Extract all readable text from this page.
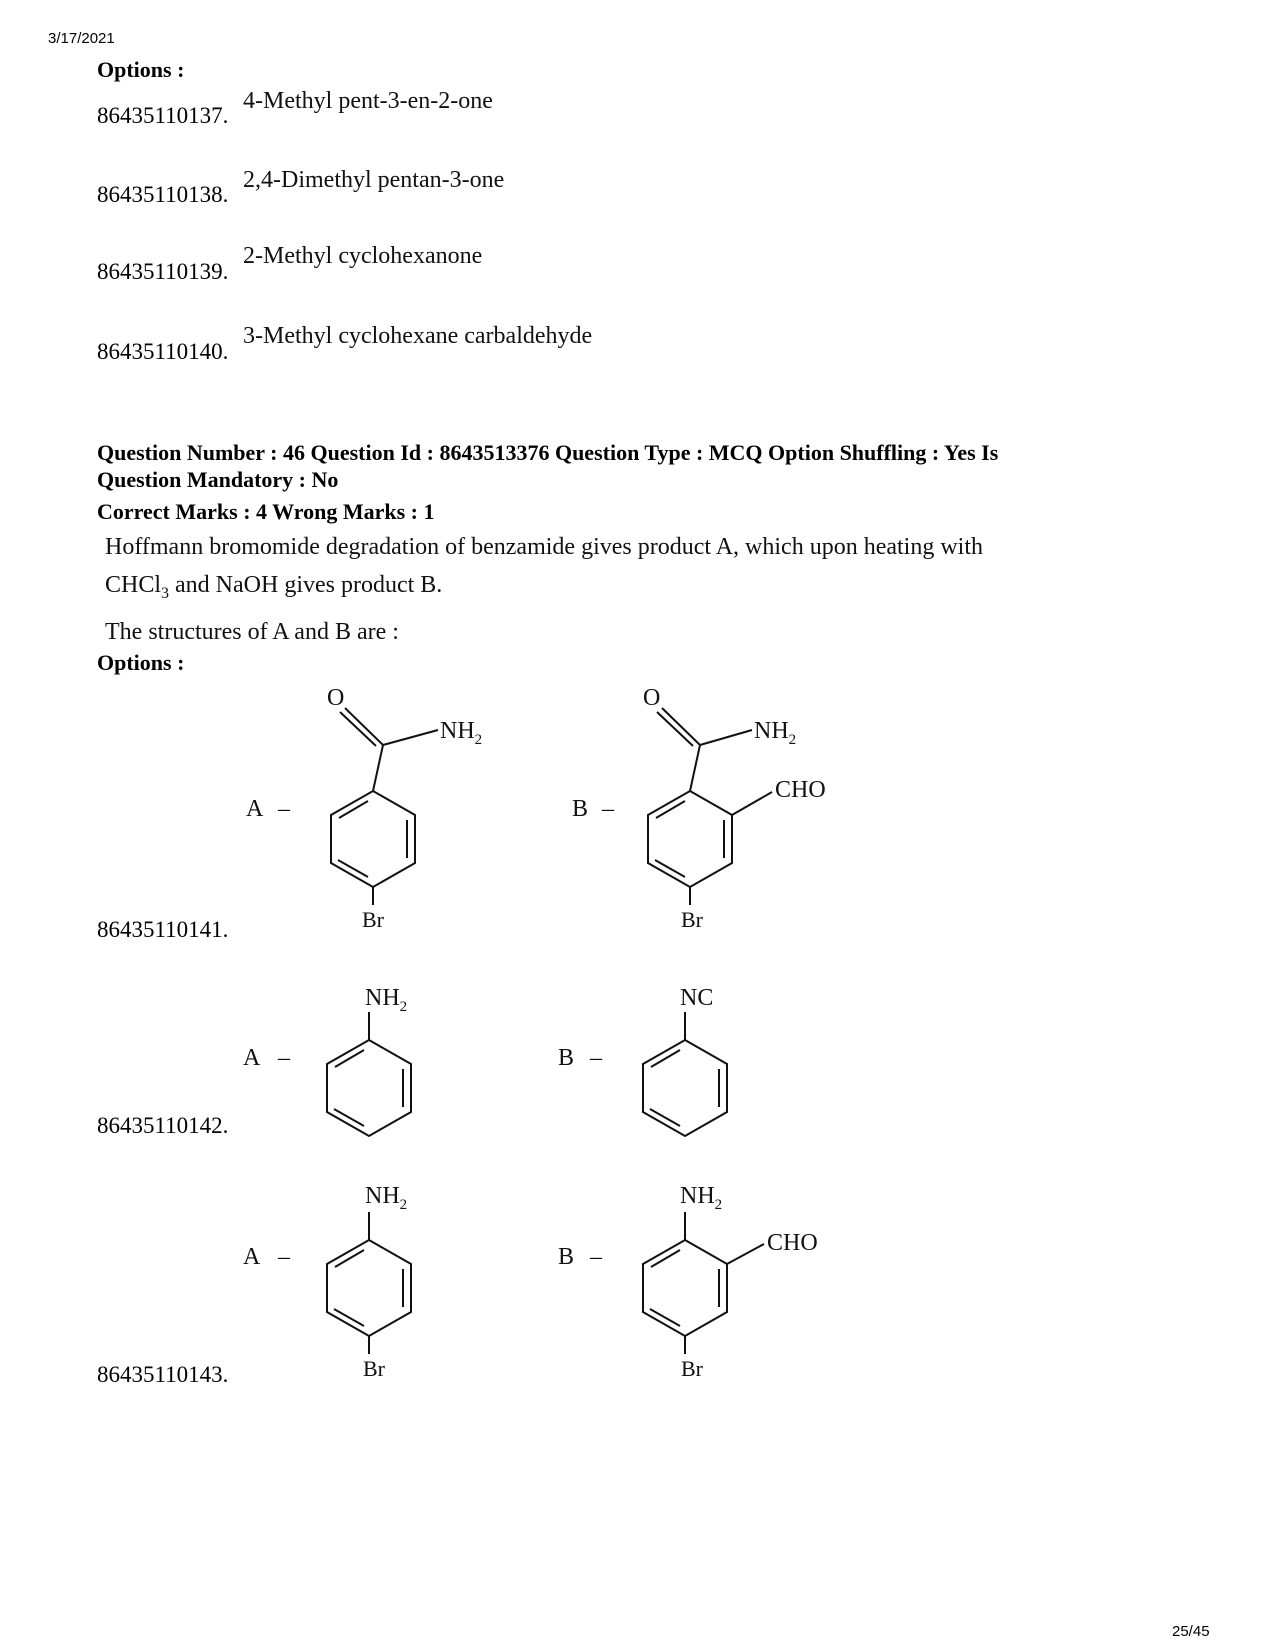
3/17/2021
Options :
86435110137.
4-Methyl pent-3-en-2-one
86435110138.
2,4-Dimethyl pentan-3-one
86435110139.
2-Methyl cyclohexanone
86435110140.
3-Methyl cyclohexane carbaldehyde
Question Number : 46 Question Id : 8643513376 Question Type : MCQ Option Shuffling : Yes Is
Question Mandatory : No
Correct Marks : 4 Wrong Marks : 1
Hoffmann bromomide degradation of benzamide gives product A, which upon heating with
CHCl$_3$ and NaOH gives product B.
The structures of A and B are :
Options :
86435110141.
A –
O
$NH_2$
Br
B –
O
$NH_2$
CHO
Br
A –
$NH_2$
B –
NC
A –
$NH_2$
Br
B –
$NH_2$
CHO
Br
86435110142.
86435110143.
25/45
